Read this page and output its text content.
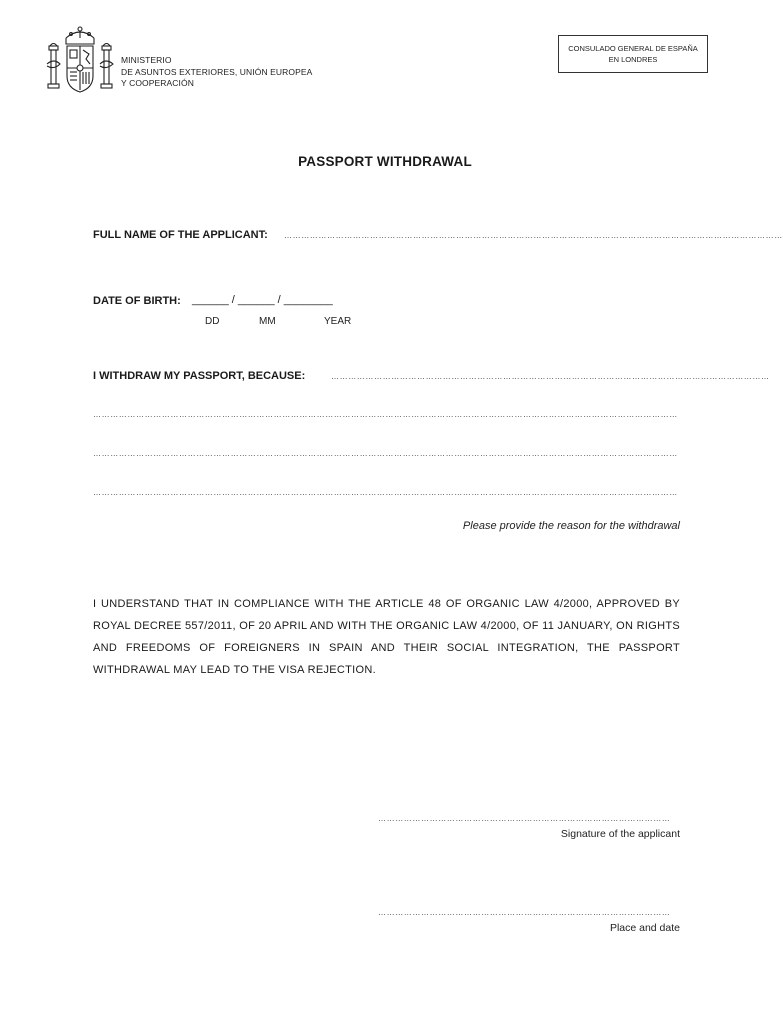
MINISTERIO
DE ASUNTOS EXTERIORES, UNIÓN EUROPEA
Y COOPERACIÓN
CONSULADO GENERAL DE ESPAÑA
EN LONDRES
PASSPORT WITHDRAWAL
FULL NAME OF THE APPLICANT: …………………………………………………………………………………………………………………………………………………………
DATE OF BIRTH: ______ / ______ / ________
DD	MM	YEAR
I WITHDRAW MY PASSPORT, BECAUSE:	………………………………………………………………………………………………………………………………………
……………………………………………………………………………………………………………………………………………………………………………………
……………………………………………………………………………………………………………………………………………………………………………………
……………………………………………………………………………………………………………………………………………………………………………………
Please provide the reason for the withdrawal
I UNDERSTAND THAT IN COMPLIANCE WITH THE ARTICLE 48 OF ORGANIC LAW 4/2000, APPROVED BY ROYAL DECREE 557/2011, OF 20 APRIL AND WITH THE ORGANIC LAW 4/2000, OF 11 JANUARY, ON RIGHTS AND FREEDOMS OF FOREIGNERS IN SPAIN AND THEIR SOCIAL INTEGRATION, THE PASSPORT WITHDRAWAL MAY LEAD TO THE VISA REJECTION.
…………………………………………………………………………………………
Signature of the applicant
…………………………………………………………………………………………
Place and date
